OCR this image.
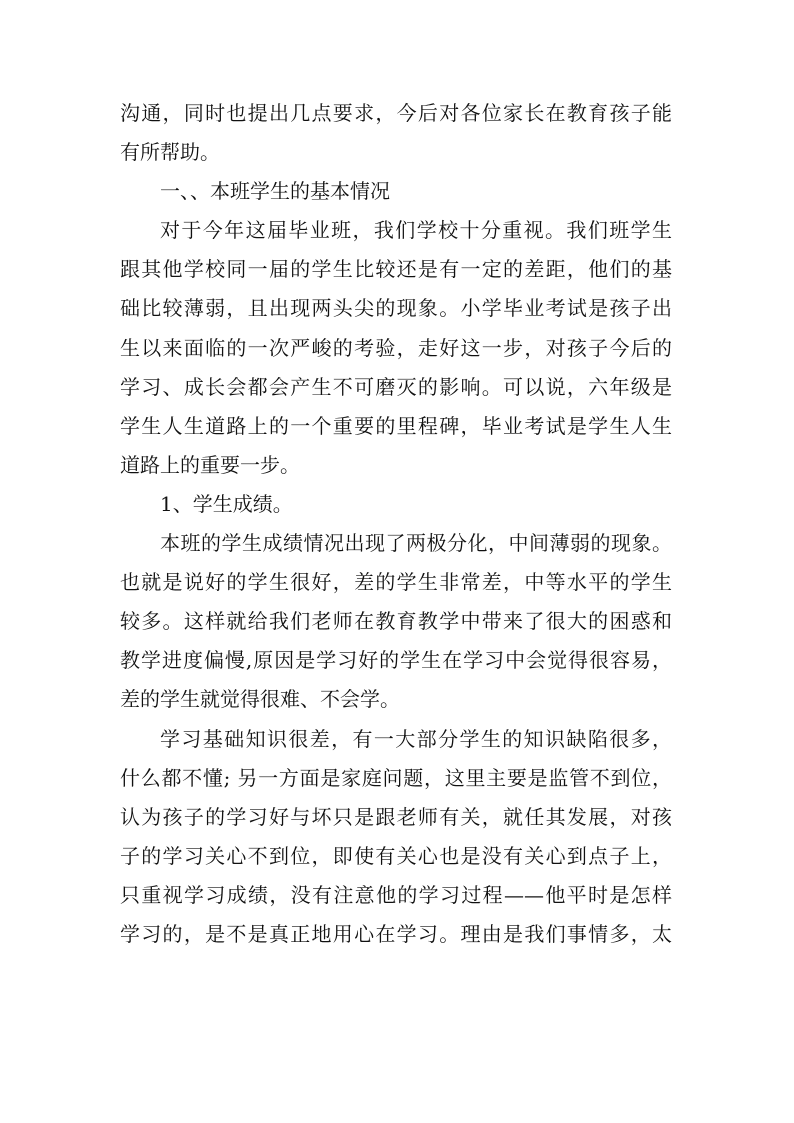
沟通，同时也提出几点要求，今后对各位家长在教育孩子能
有所帮助。
一、、本班学生的基本情况
对于今年这届毕业班，我们学校十分重视。我们班学生
跟其他学校同一届的学生比较还是有一定的差距，他们的基
础比较薄弱，且出现两头尖的现象。小学毕业考试是孩子出
生以来面临的一次严峻的考验，走好这一步，对孩子今后的
学习、成长会都会产生不可磨灭的影响。可以说，六年级是
学生人生道路上的一个重要的里程碑，毕业考试是学生人生
道路上的重要一步。
1、学生成绩。
本班的学生成绩情况出现了两极分化，中间薄弱的现象。
也就是说好的学生很好，差的学生非常差，中等水平的学生
较多。这样就给我们老师在教育教学中带来了很大的困惑和
教学进度偏慢,原因是学习好的学生在学习中会觉得很容易，
差的学生就觉得很难、不会学。
学习基础知识很差，有一大部分学生的知识缺陷很多，
什么都不懂; 另一方面是家庭问题，这里主要是监管不到位，
认为孩子的学习好与坏只是跟老师有关，就任其发展，对孩
子的学习关心不到位，即使有关心也是没有关心到点子上，
只重视学习成绩，没有注意他的学习过程——他平时是怎样
学习的，是不是真正地用心在学习。理由是我们事情多，太
